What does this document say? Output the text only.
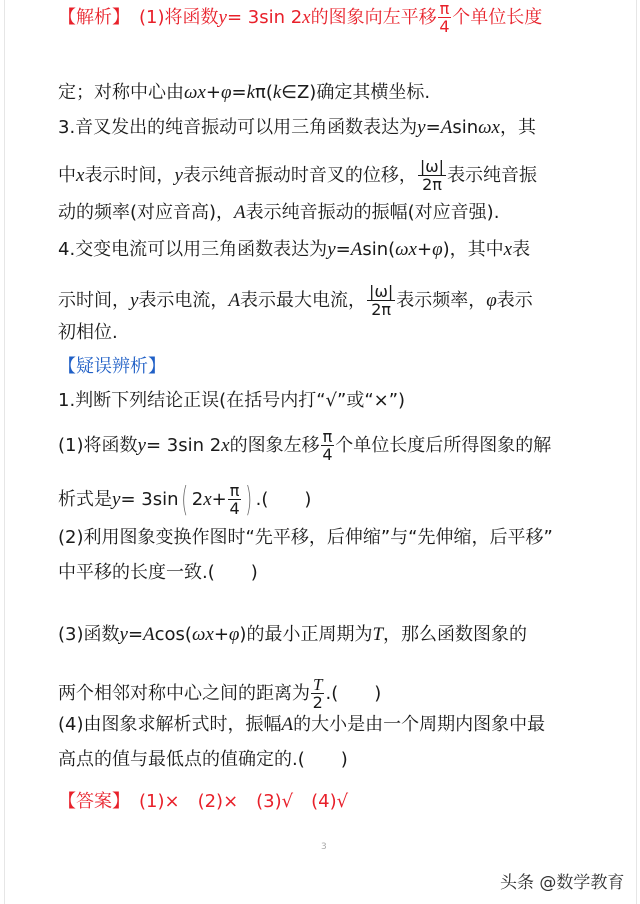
定；对称中心由 ωx + φ = k π( k ∈Z)确定其横坐标.
3.音叉发出的纯音振动可以用三角函数表达为 y = A sin ωx ，其
中 x 表示时间， y 表示纯音振动时音叉的位移， $\frac{|\omega|}{2\pi}$ 表示纯音振
动的频率(对应音高)， A 表示纯音振动的振幅(对应音强).
4.交变电流可以用三角函数表达为 y = A sin( ωx + φ )，其中 x 表
示时间， y 表示电流， A 表示最大电流， $\frac{|\omega|}{2\pi}$ 表示频率， φ 表示
初相位.
【疑误辨析】
1.判断下列结论正误(在括号内打“√”或“×”)
(1)将函数 y = 3sin 2 x 的图象左移 $\frac{\pi}{4}$ 个单位长度后所得图象的解
析式是 y = 3sin ( 2 $x + \frac{\pi}{4}$ ) .(　　)
(2)利用图象变换作图时“先平移，后伸缩”与“先伸缩，后平移”
中平移的长度一致.(　　)
(3)函数 y = A cos( ωx + φ )的最小正周期为 T ，那么函数图象的
两个相邻对称中心之间的距离为 $\frac{T}{2}$ .(　　)
(4)由图象求解析式时，振幅 A 的大小是由一个周期内图象中最
高点的值与最低点的值确定的.(　　)
【答案】　(1)×　(2)×　(3)√　(4)√
【解析】　(1)将函数 y = 3sin 2 x 的图象向左平移 $\frac{\pi}{4}$ 个单位长度
3
头条 @数学教育
